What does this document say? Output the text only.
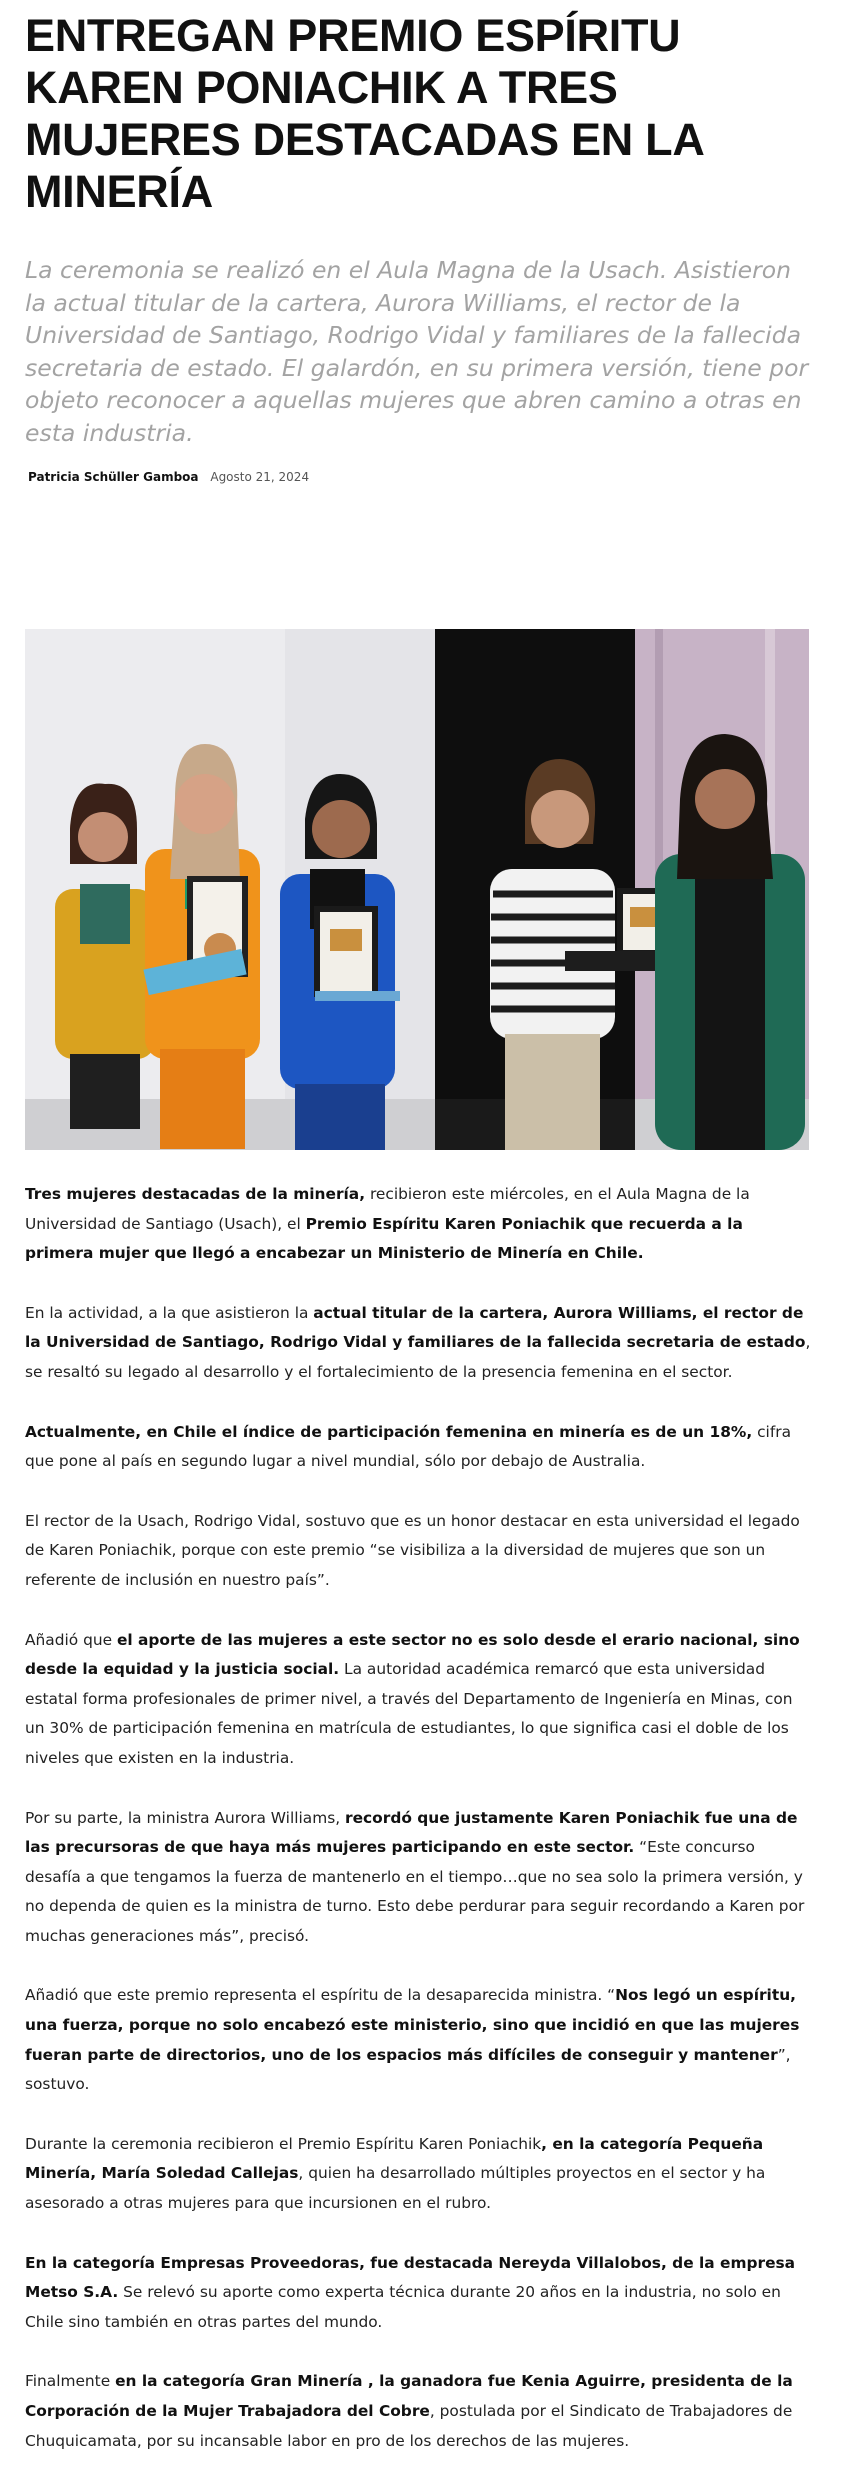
ENTREGAN PREMIO ESPÍRITU KAREN PONIACHIK A TRES MUJERES DESTACADAS EN LA MINERÍA

La ceremonia se realizó en el Aula Magna de la Usach. Asistieron la actual titular de la cartera, Aurora Williams, el rector de la Universidad de Santiago, Rodrigo Vidal y familiares de la fallecida secretaria de estado. El galardón, en su primera versión, tiene por objeto reconocer a aquellas mujeres que abren camino a otras en esta industria.

Patricia Schüller Gamboa Agosto 21, 2024

Tres mujeres destacadas de la minería, recibieron este miércoles, en el Aula Magna de la Universidad de Santiago (Usach), el Premio Espíritu Karen Poniachik que recuerda a la primera mujer que llegó a encabezar un Ministerio de Minería en Chile.

En la actividad, a la que asistieron la actual titular de la cartera, Aurora Williams, el rector de la Universidad de Santiago, Rodrigo Vidal y familiares de la fallecida secretaria de estado, se resaltó su legado al desarrollo y el fortalecimiento de la presencia femenina en el sector.

Actualmente, en Chile el índice de participación femenina en minería es de un 18%, cifra que pone al país en segundo lugar a nivel mundial, sólo por debajo de Australia.

El rector de la Usach, Rodrigo Vidal, sostuvo que es un honor destacar en esta universidad el legado de Karen Poniachik, porque con este premio “se visibiliza a la diversidad de mujeres que son un referente de inclusión en nuestro país”.

Añadió que el aporte de las mujeres a este sector no es solo desde el erario nacional, sino desde la equidad y la justicia social. La autoridad académica remarcó que esta universidad estatal forma profesionales de primer nivel, a través del Departamento de Ingeniería en Minas, con un 30% de participación femenina en matrícula de estudiantes, lo que significa casi el doble de los niveles que existen en la industria.

Por su parte, la ministra Aurora Williams, recordó que justamente Karen Poniachik fue una de las precursoras de que haya más mujeres participando en este sector. “Este concurso desafía a que tengamos la fuerza de mantenerlo en el tiempo…que no sea solo la primera versión, y no dependa de quien es la ministra de turno. Esto debe perdurar para seguir recordando a Karen por muchas generaciones más”, precisó.

Añadió que este premio representa el espíritu de la desaparecida ministra. “Nos legó un espíritu, una fuerza, porque no solo encabezó este ministerio, sino que incidió en que las mujeres fueran parte de directorios, uno de los espacios más difíciles de conseguir y mantener”, sostuvo.

Durante la ceremonia recibieron el Premio Espíritu Karen Poniachik, en la categoría Pequeña Minería, María Soledad Callejas, quien ha desarrollado múltiples proyectos en el sector y ha asesorado a otras mujeres para que incursionen en el rubro.

En la categoría Empresas Proveedoras, fue destacada Nereyda Villalobos, de la empresa Metso S.A. Se relevó su aporte como experta técnica durante 20 años en la industria, no solo en Chile sino también en otras partes del mundo.

Finalmente en la categoría Gran Minería , la ganadora fue Kenia Aguirre, presidenta de la Corporación de la Mujer Trabajadora del Cobre, postulada por el Sindicato de Trabajadores de Chuquicamata, por su incansable labor en pro de los derechos de las mujeres.
